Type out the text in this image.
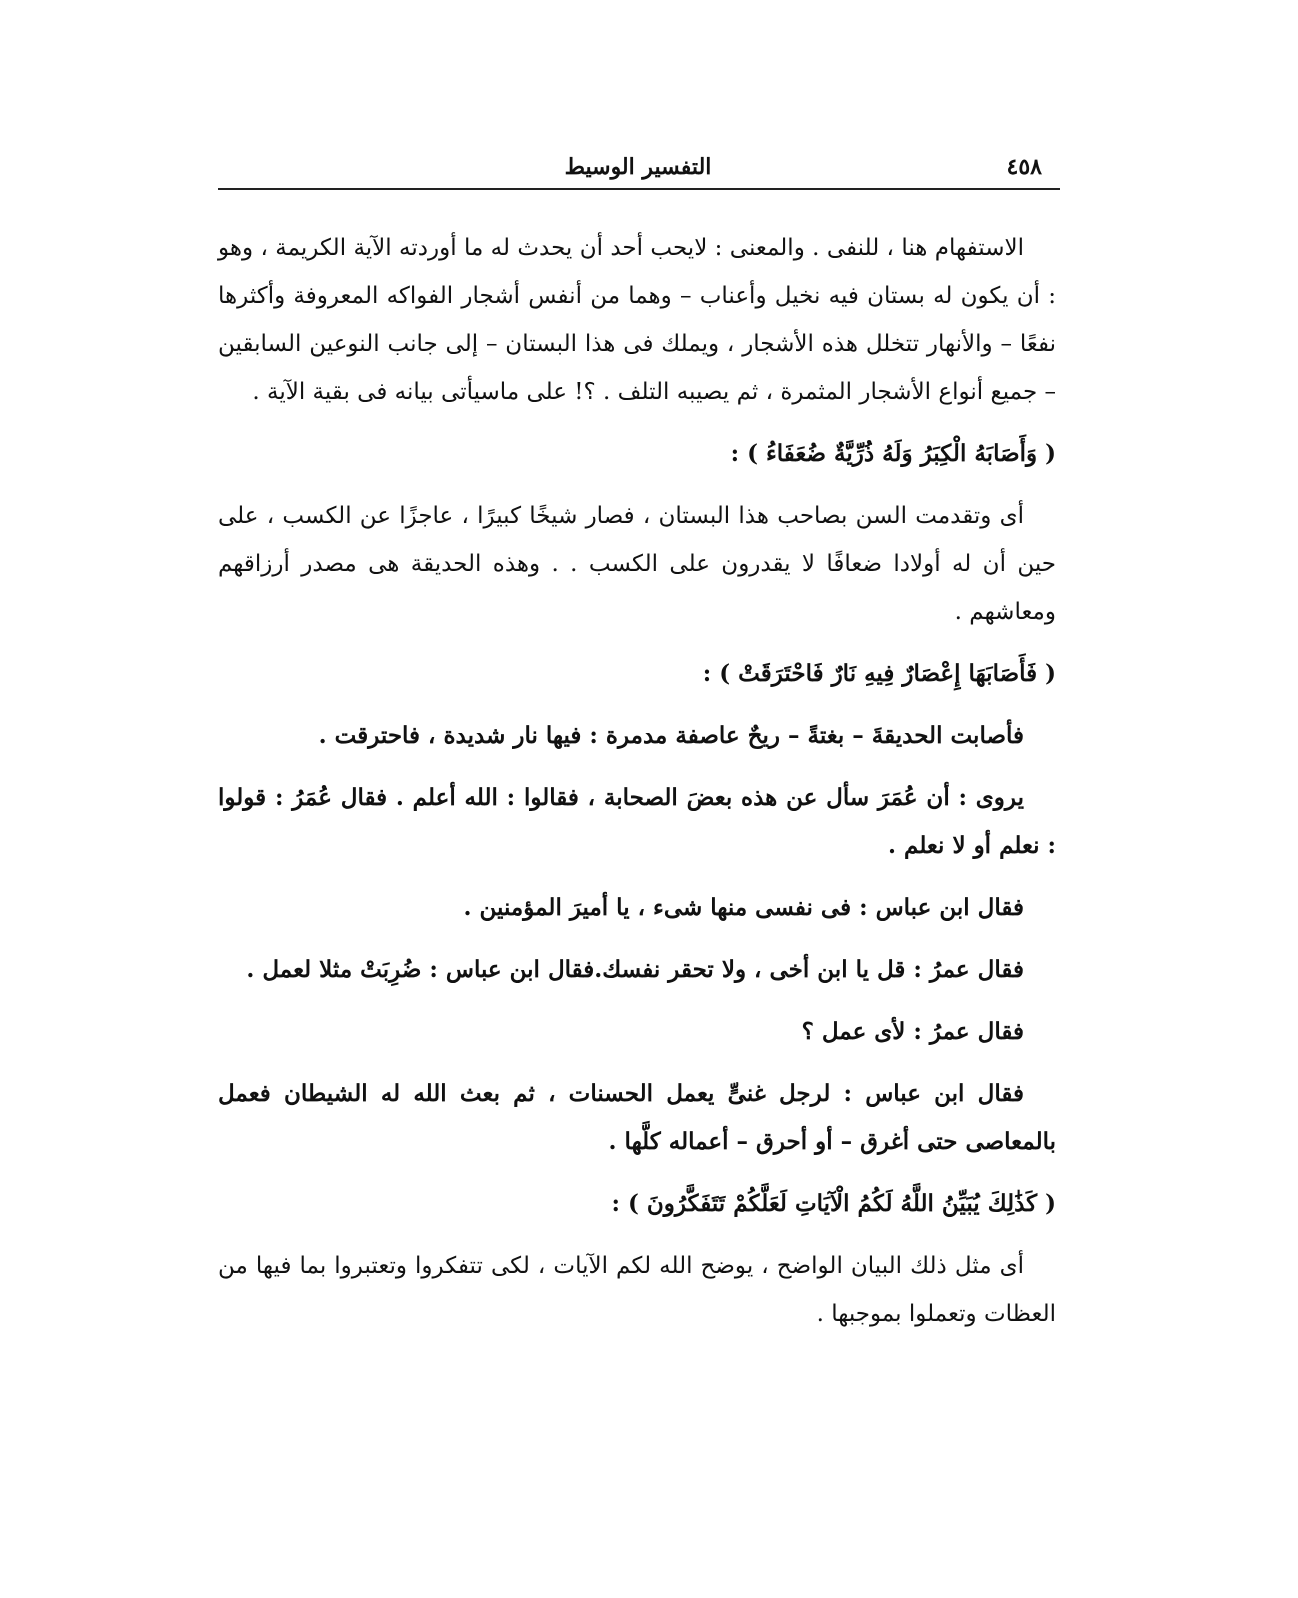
٤٥٨
التفسير الوسيط

الاستفهام هنا ، للنفى . والمعنى : لايحب أحد أن يحدث له ما أوردته الآية الكريمة ، وهو : أن يكون له بستان فيه نخيل وأعناب – وهما من أنفس أشجار الفواكه المعروفة وأكثرها نفعًا – والأنهار تتخلل هذه الأشجار ، ويملك فى هذا البستان – إلى جانب النوعين السابقين – جميع أنواع الأشجار المثمرة ، ثم يصيبه التلف . ؟! على ماسيأتى بيانه فى بقية الآية .

( وَأَصَابَهُ الْكِبَرُ وَلَهُ ذُرِّيَّةٌ ضُعَفَاءُ ) :

أى وتقدمت السن بصاحب هذا البستان ، فصار شيخًا كبيرًا ، عاجزًا عن الكسب ، على حين أن له أولادا ضعافًا لا يقدرون على الكسب . . وهذه الحديقة هى مصدر أرزاقهم ومعاشهم .

( فَأَصَابَهَا إِعْصَارٌ فِيهِ نَارٌ فَاحْتَرَقَتْ ) :

فأصابت الحديقةَ – بغتةً – ريحٌ عاصفة مدمرة : فيها نار شديدة ، فاحترقت .

يروى : أن عُمَرَ سأل عن هذه بعضَ الصحابة ، فقالوا : الله أعلم . فقال عُمَرُ : قولوا : نعلم أو لا نعلم .

فقال ابن عباس : فى نفسى منها شىء ، يا أميرَ المؤمنين .

فقال عمرُ : قل يا ابن أخى ، ولا تحقر نفسك.فقال ابن عباس : ضُرِبَتْ مثلا لعمل .

فقال عمرُ : لأى عمل ؟

فقال ابن عباس : لرجل غنىٍّ يعمل الحسنات ، ثم بعث الله له الشيطان فعمل بالمعاصى حتى أغرق – أو أحرق – أعماله كلَّها .

( كَذَٰلِكَ يُبَيِّنُ اللَّهُ لَكُمُ الْآيَاتِ لَعَلَّكُمْ تَتَفَكَّرُونَ ) :

أى مثل ذلك البيان الواضح ، يوضح الله لكم الآيات ، لكى تتفكروا وتعتبروا بما فيها من العظات وتعملوا بموجبها .
